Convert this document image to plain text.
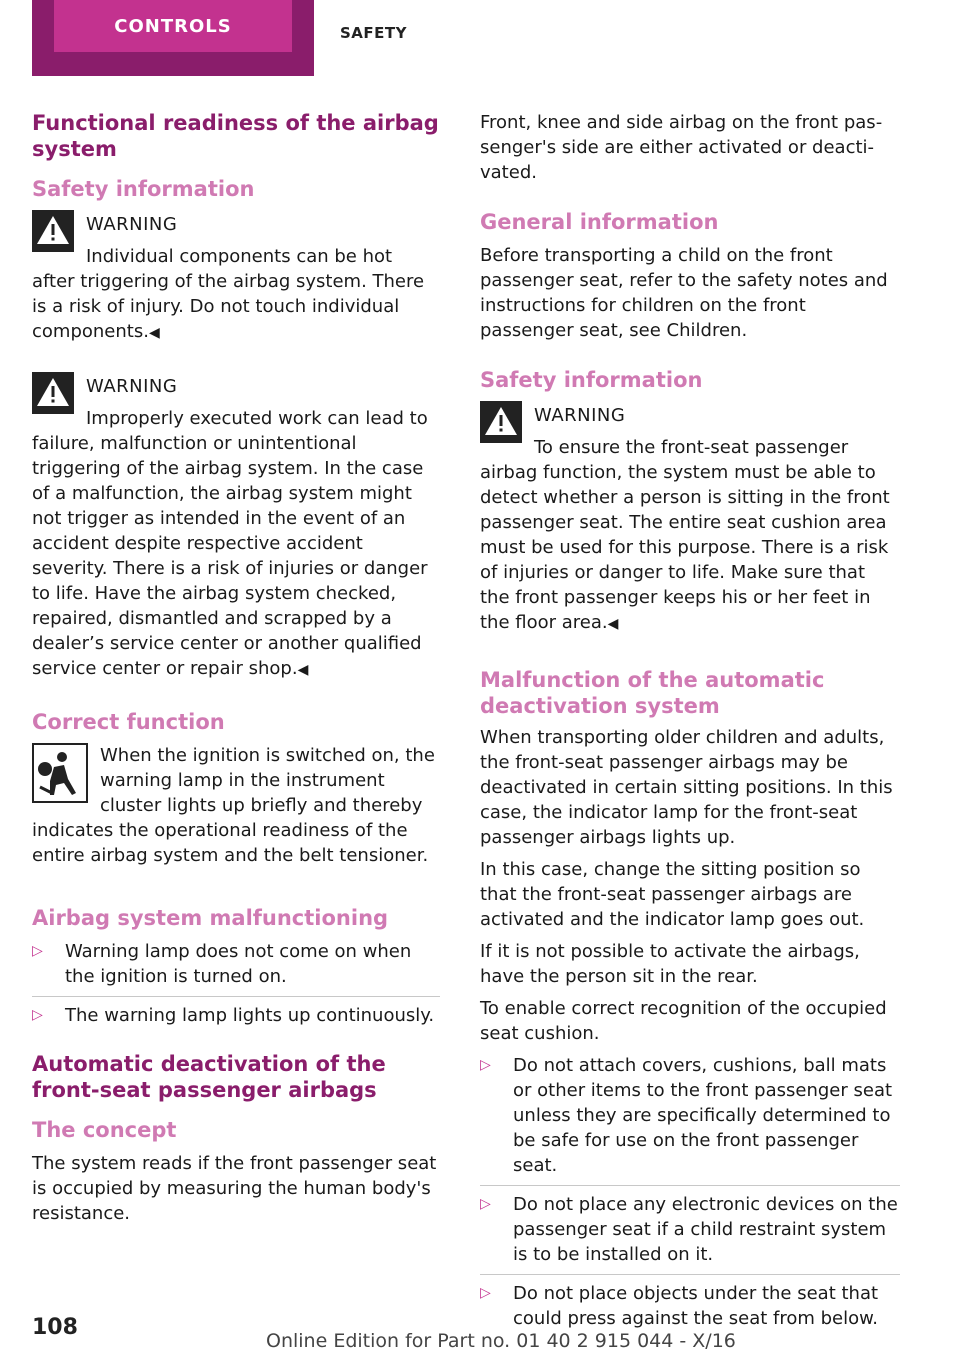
CONTROLS	SAFETY
Functional readiness of the airbag system
Safety information
WARNING
Individual components can be hot after triggering of the airbag system. There is a risk of injury. Do not touch individual components.◀
WARNING
Improperly executed work can lead to failure, malfunction or unintentional triggering of the airbag system. In the case of a malfunction, the airbag system might not trigger as intended in the event of an accident despite respective accident severity. There is a risk of injuries or danger to life. Have the airbag system checked, repaired, dismantled and scrapped by a dealer’s service center or another qualified service center or repair shop.◀
Correct function

When the ignition is switched on, the warning lamp in the instrument cluster lights up briefly and thereby indicates the operational readiness of the entire airbag system and the belt tensioner.

Airbag system malfunctioning
▷ Warning lamp does not come on when the ignition is turned on.
▷ The warning lamp lights up continuously.
Automatic deactivation of the front-seat passenger airbags
The concept

The system reads if the front passenger seat is occupied by measuring the human body's resistance.

Front, knee and side airbag on the front passenger's side are either activated or deactivated.

General information

Before transporting a child on the front passenger seat, refer to the safety notes and instructions for children on the front passenger seat, see Children.

Safety information
WARNING
To ensure the front-seat passenger airbag function, the system must be able to detect whether a person is sitting in the front passenger seat. The entire seat cushion area must be used for this purpose. There is a risk of injuries or danger to life. Make sure that the front passenger keeps his or her feet in the floor area.◀
Malfunction of the automatic deactivation system

When transporting older children and adults, the front-seat passenger airbags may be deactivated in certain sitting positions. In this case, the indicator lamp for the front-seat passenger airbags lights up.

In this case, change the sitting position so that the front-seat passenger airbags are activated and the indicator lamp goes out.

If it is not possible to activate the airbags, have the person sit in the rear.

To enable correct recognition of the occupied seat cushion.

▷ Do not attach covers, cushions, ball mats or other items to the front passenger seat unless they are specifically determined to be safe for use on the front passenger seat.
▷ Do not place any electronic devices on the passenger seat if a child restraint system is to be installed on it.
▷ Do not place objects under the seat that could press against the seat from below.
108
Online Edition for Part no. 01 40 2 915 044 - X/16
